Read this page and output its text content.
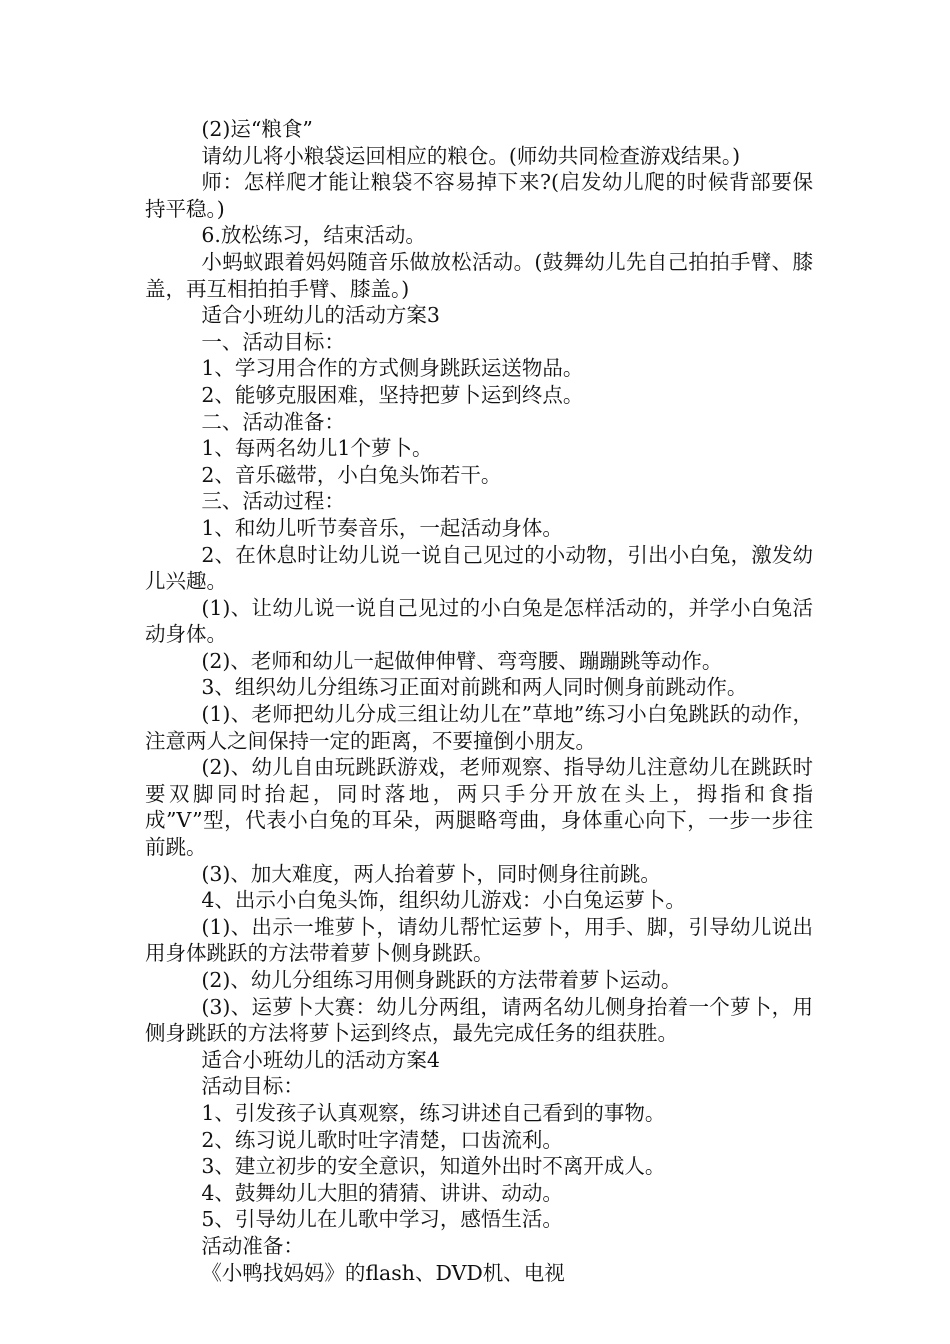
(2)运“粮食”

请幼儿将小粮袋运回相应的粮仓。(师幼共同检查游戏结果。)

师：怎样爬才能让粮袋不容易掉下来?(启发幼儿爬的时候背部要保持平稳。)

6.放松练习，结束活动。

小蚂蚁跟着妈妈随音乐做放松活动。(鼓舞幼儿先自己拍拍手臂、膝盖，再互相拍拍手臂、膝盖。)

适合小班幼儿的活动方案3

一、活动目标：

1、学习用合作的方式侧身跳跃运送物品。

2、能够克服困难，坚持把萝卜运到终点。

二、活动准备：

1、每两名幼儿1个萝卜。

2、音乐磁带，小白兔头饰若干。

三、活动过程：

1、和幼儿听节奏音乐，一起活动身体。

2、在休息时让幼儿说一说自己见过的小动物，引出小白兔，激发幼儿兴趣。

(1)、让幼儿说一说自己见过的小白兔是怎样活动的，并学小白兔活动身体。

(2)、老师和幼儿一起做伸伸臂、弯弯腰、蹦蹦跳等动作。

3、组织幼儿分组练习正面对前跳和两人同时侧身前跳动作。

(1)、老师把幼儿分成三组让幼儿在”草地”练习小白兔跳跃的动作，注意两人之间保持一定的距离，不要撞倒小朋友。

(2)、幼儿自由玩跳跃游戏，老师观察、指导幼儿注意幼儿在跳跃时要双脚同时抬起，同时落地，两只手分开放在头上，拇指和食指成”V”型，代表小白兔的耳朵，两腿略弯曲，身体重心向下，一步一步往前跳。

(3)、加大难度，两人抬着萝卜，同时侧身往前跳。

4、出示小白兔头饰，组织幼儿游戏：小白兔运萝卜。

(1)、出示一堆萝卜，请幼儿帮忙运萝卜，用手、脚，引导幼儿说出用身体跳跃的方法带着萝卜侧身跳跃。

(2)、幼儿分组练习用侧身跳跃的方法带着萝卜运动。

(3)、运萝卜大赛：幼儿分两组，请两名幼儿侧身抬着一个萝卜，用侧身跳跃的方法将萝卜运到终点，最先完成任务的组获胜。

适合小班幼儿的活动方案4

活动目标：

1、引发孩子认真观察，练习讲述自己看到的事物。

2、练习说儿歌时吐字清楚，口齿流利。

3、建立初步的安全意识，知道外出时不离开成人。

4、鼓舞幼儿大胆的猜猜、讲讲、动动。

5、引导幼儿在儿歌中学习，感悟生活。

活动准备：

《小鸭找妈妈》的flash、DVD机、电视
